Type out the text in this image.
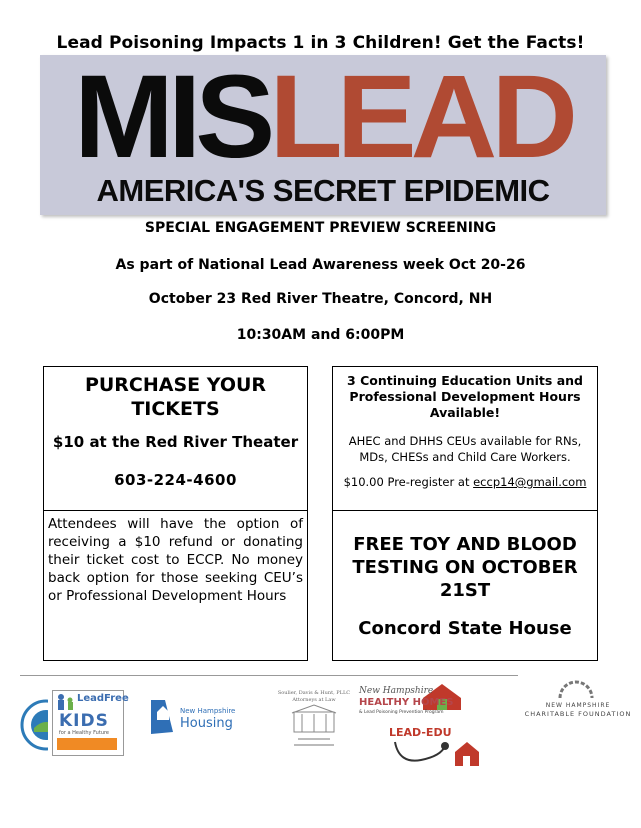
Lead Poisoning Impacts 1 in 3 Children! Get the Facts!
MISLEAD
AMERICA'S SECRET EPIDEMIC
SPECIAL ENGAGEMENT PREVIEW SCREENING
As part of National Lead Awareness week Oct 20-26
October 23 Red River Theatre, Concord, NH
10:30AM and 6:00PM
PURCHASE YOUR TICKETS
$10 at the Red River Theater
603-224-4600
3 Continuing Education Units and Professional Development Hours Available!
AHEC and DHHS CEUs available for RNs, MDs, CHESs and Child Care Workers.
$10.00 Pre-register at eccp14@gmail.com
Attendees will have the option of receiving a $10 refund or donating their ticket cost to ECCP. No money back option for those seeking CEU’s or Professional Development Hours
FREE TOY AND BLOOD TESTING ON OCTOBER 21ST
Concord State House
LeadFree
KIDS
for a Healthy Future
New Hampshire
Housing
Soulier, Davis & Hunt, PLLC
Attorneys at Law
New Hampshire
HEALTHY HOMES
& Lead Poisoning Prevention Program
LEAD-EDU
NEW HAMPSHIRE
CHARITABLE FOUNDATION
